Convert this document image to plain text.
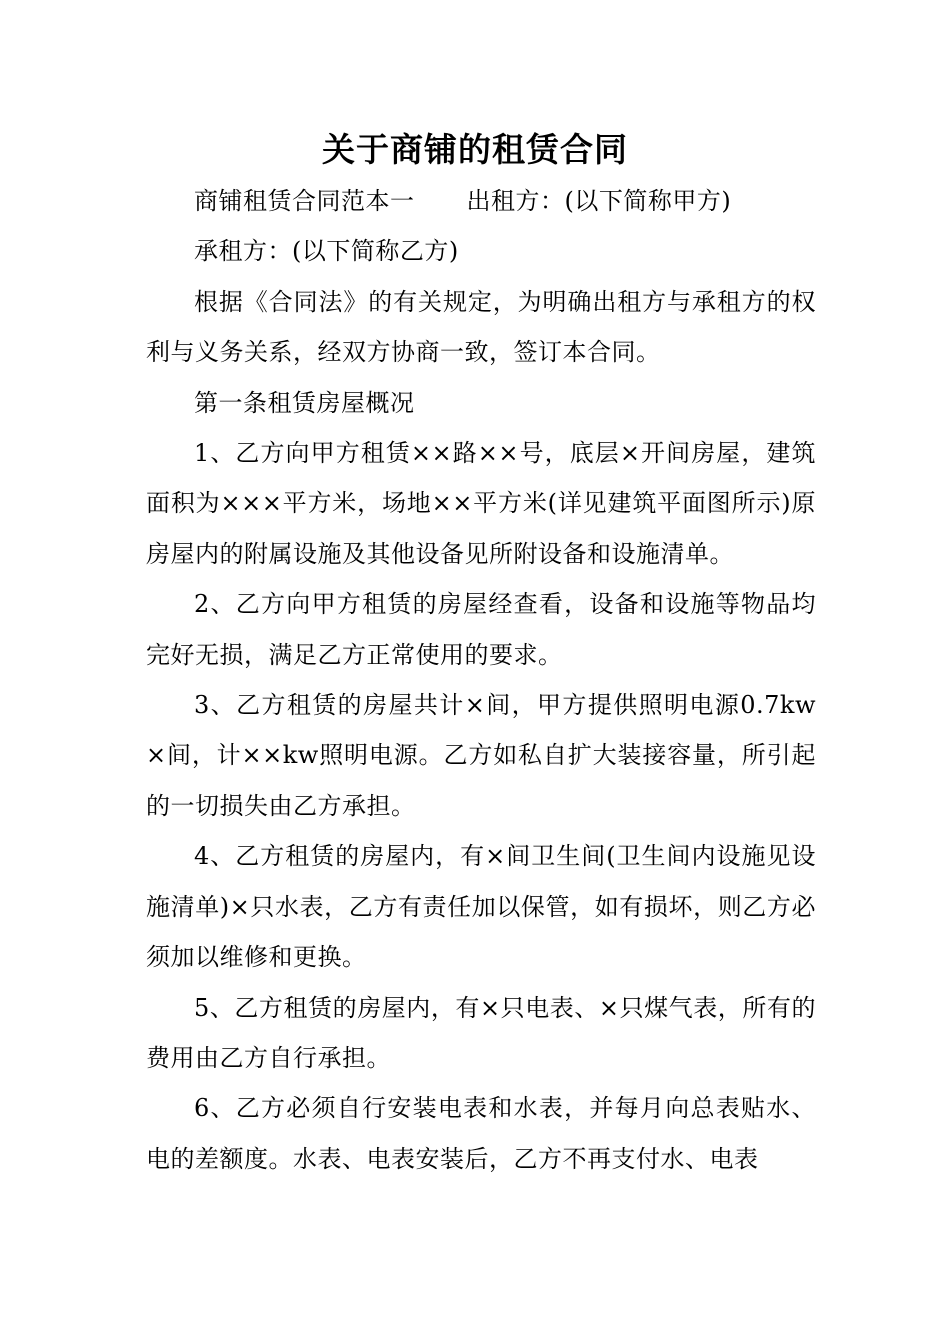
关于商铺的租赁合同

商铺租赁合同范本一 出租方：(以下简称甲方)

承租方：(以下简称乙方)

根据《合同法》的有关规定，为明确出租方与承租方的权利与义务关系，经双方协商一致，签订本合同。

第一条租赁房屋概况

1、乙方向甲方租赁××路××号，底层×开间房屋，建筑面积为×××平方米，场地××平方米(详见建筑平面图所示)原房屋内的附属设施及其他设备见所附设备和设施清单。

2、乙方向甲方租赁的房屋经查看，设备和设施等物品均完好无损，满足乙方正常使用的要求。

3、乙方租赁的房屋共计×间，甲方提供照明电源0.7kw×间，计××kw照明电源。乙方如私自扩大装接容量，所引起的一切损失由乙方承担。

4、乙方租赁的房屋内，有×间卫生间(卫生间内设施见设施清单)×只水表，乙方有责任加以保管，如有损坏，则乙方必须加以维修和更换。

5、乙方租赁的房屋内，有×只电表、×只煤气表，所有的费用由乙方自行承担。

6、乙方必须自行安装电表和水表，并每月向总表贴水、电的差额度。水表、电表安装后，乙方不再支付水、电表
